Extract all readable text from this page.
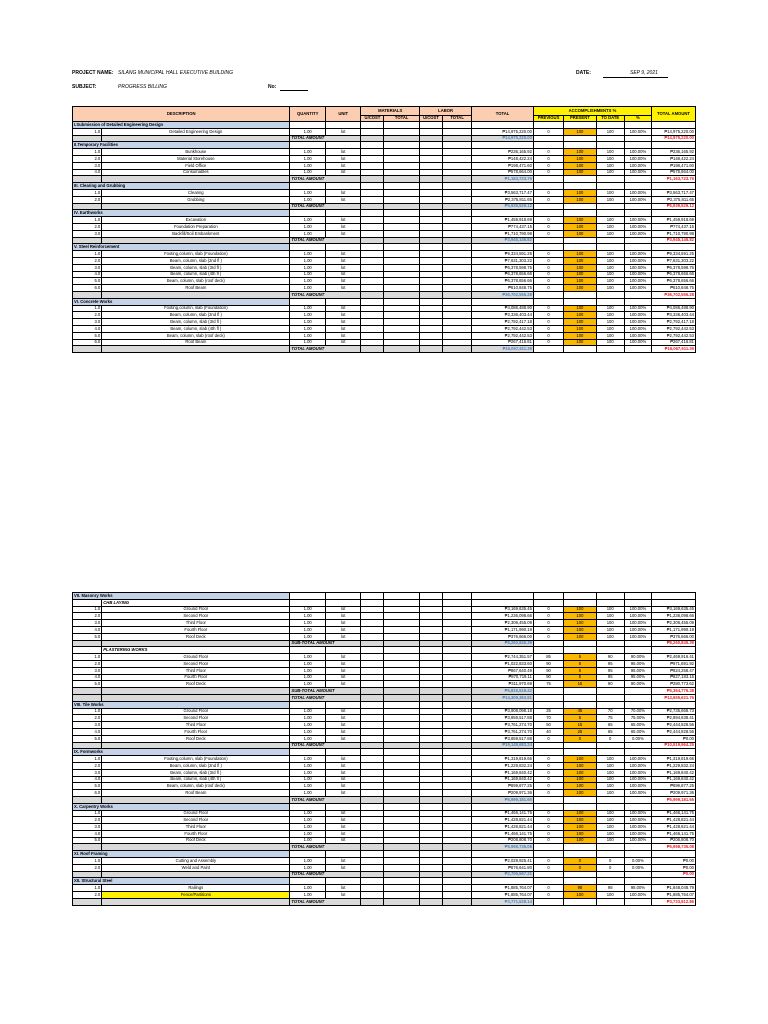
PROJECT NAME: SILANG MUNICIPAL HALL EXECUTIVE BUILDING	DATE:	SEP 9, 2021
SUBJECT:	PROGRESS BILLING	No:
DESCRIPTION		QUANTITY	UNIT	MATERIALS		LABOR		TOTAL	ACCOMPLISHMENTS %				TOTAL AMOUNT
				U/COST	TOTAL	U/COST	TOTAL		PREVIOUS	PRESENT	TO DATE	%	
I.Submission of Detailed Engineering Design													
1.0	Detailed Engineering Design	1.00	lot					₱14,975,220.00	0	100	100	100.00%	₱14,975,220.00
		TOTAL AMOUNT						₱14,975,220.00					₱14,975,220.00
II.Temporary Facilities													
1.0	Bunkhouse	1.00	lot					₱236,165.92	0	100	100	100.00%	₱236,165.92
2.0	Material Storehouse	1.00	lot					₱148,422.24	0	100	100	100.00%	₱148,422.24
3.0	Field Office	1.00	lot					₱198,471.60	0	100	100	100.00%	₱198,471.60
4.0	Consumables	1.00	lot					₱578,664.00	0	100	100	100.00%	₱578,664.00
		TOTAL AMOUNT						₱1,163,723.76					₱1,163,723.76
III. Clearing and Grubbing													
1.0	Clearing	1.00	lot					₱3,563,717.47	0	100	100	100.00%	₱3,563,717.47
2.0	Grubbing	1.00	lot					₱2,375,811.65	0	100	100	100.00%	₱2,375,811.65
		TOTAL AMOUNT						₱5,939,529.12					₱5,939,529.12
IV. Earthworks													
1.0	Excavation	1.00	lot					₱1,459,918.69	0	100	100	100.00%	₱1,459,918.69
2.0	Foundation Preparation	1.00	lot					₱774,437.15	0	100	100	100.00%	₱774,437.15
3.0	Backfill/Soil Embankment	1.00	lot					₱1,710,790.98	0	100	100	100.00%	₱1,710,790.98
		TOTAL AMOUNT						₱3,945,146.82					₱3,945,146.82
V. Steel Reinforcement													
1.0	Footing,column, slab (Foundation)	1.00	lot					₱9,334,591.25	0	100	100	100.00%	₱9,334,591.25
2.0	Beam, column, slab (2nd fl )	1.00	lot					₱7,631,303.22	0	100	100	100.00%	₱7,631,303.22
3.0	Beam, column, slab (3rd fl )	1.00	lot					₱6,378,598.75	0	100	100	100.00%	₱6,378,598.75
4.0	Beam, column, slab (4th fl )	1.00	lot					₱6,378,656.66	0	100	100	100.00%	₱6,378,656.66
5.0	Beam, column, slab (roof deck)	1.00	lot					₱6,378,656.66	0	100	100	100.00%	₱6,378,656.66
6.0	Roof Beam	1.00	lot					₱610,848.75	0	100	100	100.00%	₱610,848.75
		TOTAL AMOUNT						₱36,702,555.28					₱36,702,555.28
VI. Concrete Works													
1.0	Footing,column, slab (Foundation)	1.00	lot					₱4,086,488.90	0	100	100	100.00%	₱4,086,488.90
2.0	Beam, column, slab (2nd fl )	1.00	lot					₱3,336,403.44	0	100	100	100.00%	₱3,336,403.44
3.0	Beam, column, slab (3rd fl )	1.00	lot					₱2,792,417.18	0	100	100	100.00%	₱2,792,417.18
4.0	Beam, column, slab (4th fl )	1.00	lot					₱2,792,442.53	0	100	100	100.00%	₱2,792,442.53
5.0	Beam, column, slab (roof deck)	1.00	lot					₱2,792,442.53	0	100	100	100.00%	₱2,792,442.53
6.0	Roof Beam	1.00	lot					₱267,416.81	0	100	100	100.00%	₱267,416.81
		TOTAL AMOUNT						₱16,067,611.39					₱16,067,611.39
VII. Masonry Works													
	CHB LAYING												
1.0	Ground Floor	1.00	lot					₱3,169,635.45	0	100	100	100.00%	₱3,169,635.45
2.0	Second Floor	1.00	lot					₱1,236,098.66	0	100	100	100.00%	₱1,236,098.66
3.0	Third Floor	1.00	lot					₱2,306,455.09	0	100	100	100.00%	₱2,306,455.09
4.0	Fourth Floor	1.00	lot					₱1,171,990.19	0	100	100	100.00%	₱1,171,990.19
5.0	Roof Deck	1.00	lot					₱376,666.00	0	100	100	100.00%	₱376,666.00
		SUB-TOTAL AMOUNT						₱8,260,845.39					₱8,260,845.39
	PLASTERING WORKS												
1.0	Ground Floor	1.00	lot					₱2,744,351.57	85	5	90	90.00%	₱2,469,916.41
2.0	Second Floor	1.00	lot					₱1,022,833.60	90	5	95	95.00%	₱971,691.92
3.0	Third Floor	1.00	lot					₱867,640.49	90	5	95	95.00%	₱824,258.47
4.0	Fourth Floor	1.00	lot					₱870,719.11	90	5	95	95.00%	₱827,183.15
5.0	Roof Deck	1.00	lot					₱311,970.69	75	15	90	90.00%	₱280,773.62
		SUB-TOTAL AMOUNT						₱5,816,518.42					₱5,364,776.38
		TOTAL AMOUNT						₱14,309,363.81					₱13,655,621.76
VIII. Tile Works													
1.0	Ground Floor	1.00	lot					₱3,908,098.18	25	45	70	70.00%	₱2,735,668.73
2.0	Second Floor	1.00	lot					₱3,859,517.88	70	5	75	75.00%	₱2,894,638.41
3.0	Third Floor	1.00	lot					₱3,761,274.70	50	15	65	65.00%	₱2,444,828.56
4.0	Fourth Floor	1.00	lot					₱3,761,274.70	40	25	65	65.00%	₱2,444,828.56
5.0	Roof Deck	1.00	lot					₱3,859,517.88	0	0	0	0.00%	₱0.00
		TOTAL AMOUNT						₱19,149,683.24					₱10,519,964.25
IX. Formworks													
1.0	Footing,column, slab (Foundation)	1.00	lot					₱1,319,819.66	0	100	100	100.00%	₱1,319,819.66
2.0	Beam, column, slab (2nd fl )	1.00	lot					₱1,229,832.24	0	100	100	100.00%	₱1,229,832.24
3.0	Beam, column, slab (3rd fl )	1.00	lot					₱1,169,840.42	0	100	100	100.00%	₱1,169,840.42
4.0	Beam, column, slab (4th fl )	1.00	lot					₱1,169,840.42	0	100	100	100.00%	₱1,169,840.42
5.0	Beam, column, slab (roof deck)	1.00	lot					₱899,877.25	0	100	100	100.00%	₱899,877.25
6.0	Roof Beam	1.00	lot					₱209,971.36	0	100	100	100.00%	₱209,971.36
		TOTAL AMOUNT						₱5,999,181.65					₱5,999,181.65
X. Carpentry Works													
1.0	Ground Floor	1.00	lot					₱1,466,141.75	0	100	100	100.00%	₱1,466,141.75
2.0	Second Floor	1.00	lot					₱1,428,821.44	0	100	100	100.00%	₱1,428,821.44
3.0	Third Floor	1.00	lot					₱1,428,821.44	0	100	100	100.00%	₱1,428,821.44
4.0	Fourth Floor	1.00	lot					₱1,466,141.75	0	100	100	100.00%	₱1,466,141.75
5.0	Roof Deck	1.00	lot					₱208,808.70	0	100	100	100.00%	₱208,808.70
		TOTAL AMOUNT						₱5,998,735.08					₱5,998,735.08
XI. Roof Framing													
1.0	Cutting and Assembly	1.00	lot					₱2,029,925.41	0	0	0	0.00%	₱0.00
2.0	Weld and Paint	1.00	lot					₱676,641.80	0	0	0	0.00%	₱0.00
		TOTAL AMOUNT						₱2,706,567.21					₱0.00
XII. Structural Steel													
1.0	Railings	1.00	lot					₱1,885,764.07	0	98	98	98.00%	₱1,848,048.79
2.0	Fence/Partitions	1.00	lot					₱1,885,764.07	0	100	100	100.00%	₱1,885,764.07
		TOTAL AMOUNT						₱3,771,528.14					₱3,733,812.86
